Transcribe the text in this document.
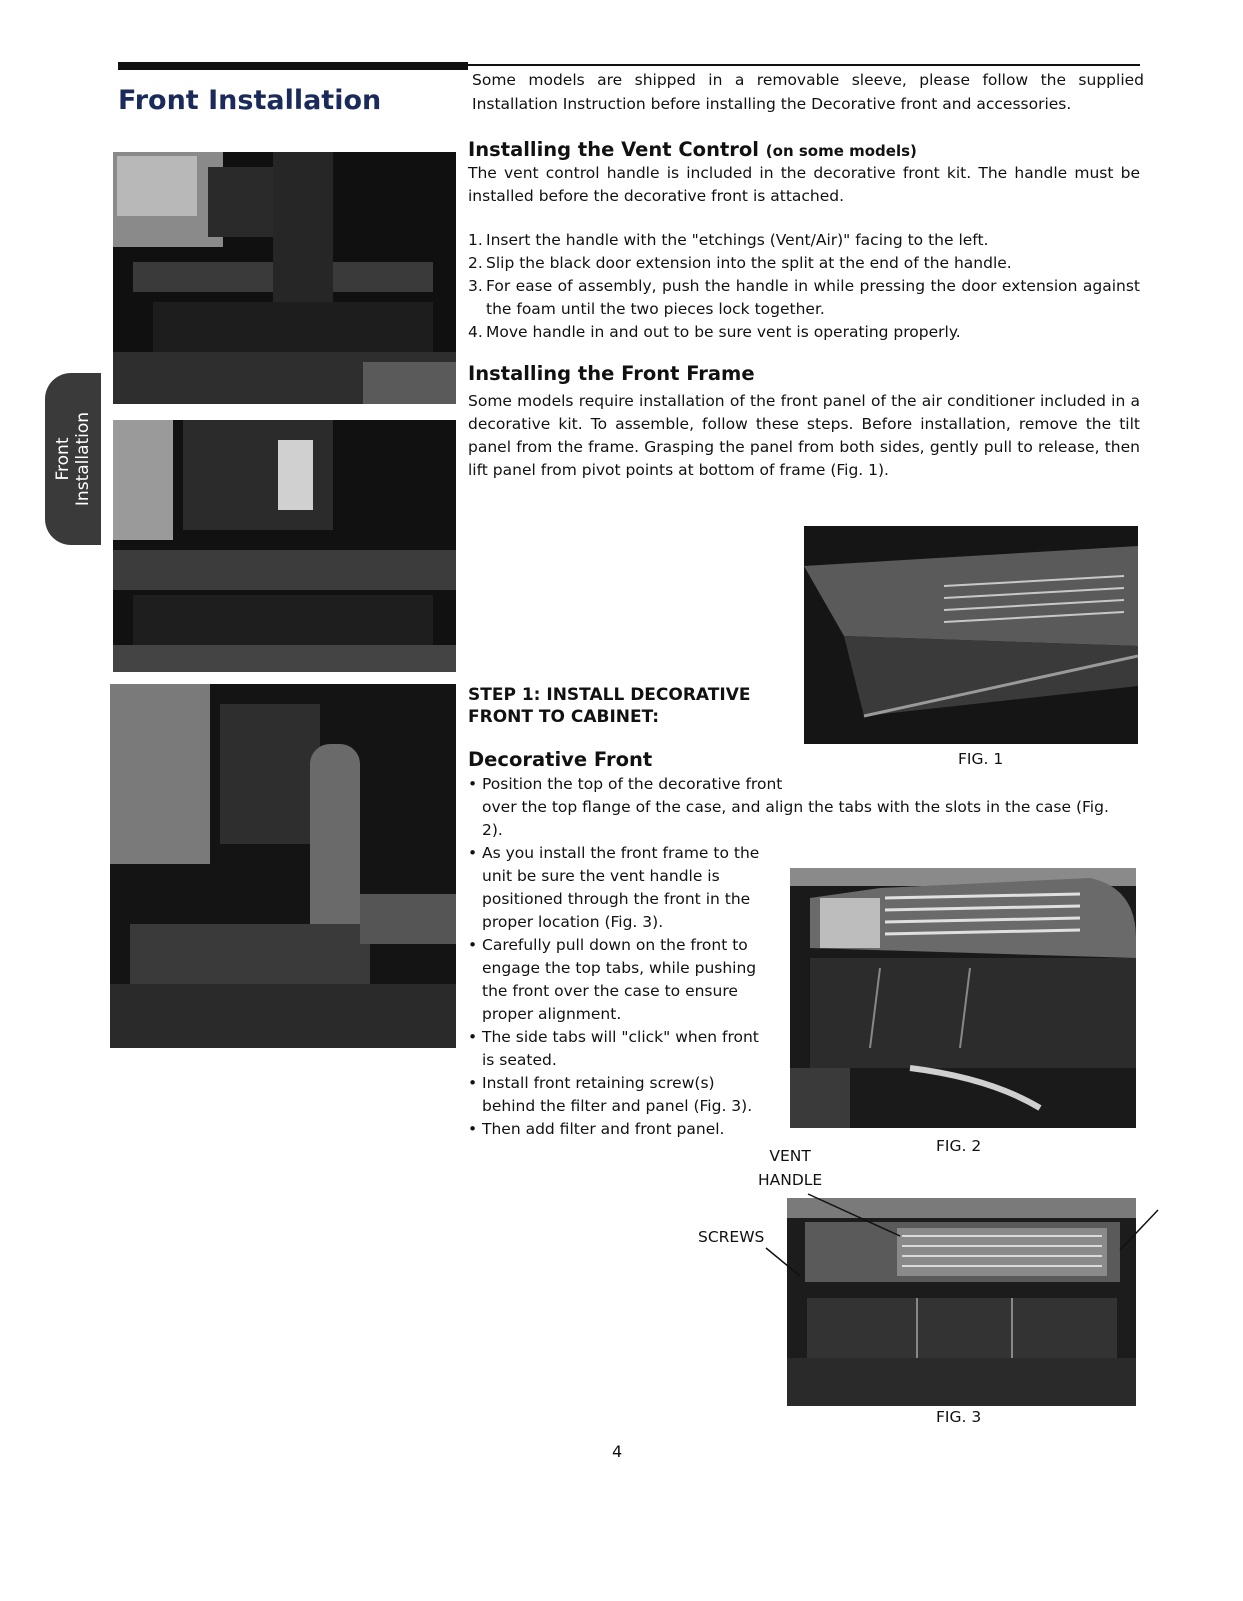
Front Installation
Some models are shipped in a removable sleeve, please follow the supplied Installation Instruction before installing the Decorative front and accessories.
Front Installation
Installing the Vent Control (on some models)
The vent control handle is included in the decorative front kit. The handle must be installed before the decorative front is attached.
1. Insert the handle with the "etchings (Vent/Air)" facing to the left.
2. Slip the black door extension into the split at the end of the handle.
3. For ease of assembly, push the handle in while pressing the door extension against the foam until the two pieces lock together.
4. Move handle in and out to be sure vent is operating properly.
Installing the Front Frame
Some models require installation of the front panel of the air conditioner included in a decorative kit. To assemble, follow these steps. Before installation, remove the tilt panel from the frame. Grasping the panel from both sides, gently pull to release, then lift panel from pivot points at bottom of frame (Fig. 1).
FIG. 1
STEP 1: INSTALL DECORATIVE
FRONT TO CABINET:
Decorative Front
• Position the top of the decorative front
over the top flange of the case, and align the tabs with the slots in the case (Fig. 2).
• As you install the front frame to the unit be sure the vent handle is positioned through the front in the proper location (Fig. 3).
• Carefully pull down on the front to engage the top tabs, while pushing the front over the case to ensure proper alignment.
• The side tabs will "click" when front is seated.
• Install front retaining screw(s) behind the filter and panel (Fig. 3).
• Then add filter and front panel.
FIG. 2
VENT
HANDLE
SCREWS
FIG. 3
4
